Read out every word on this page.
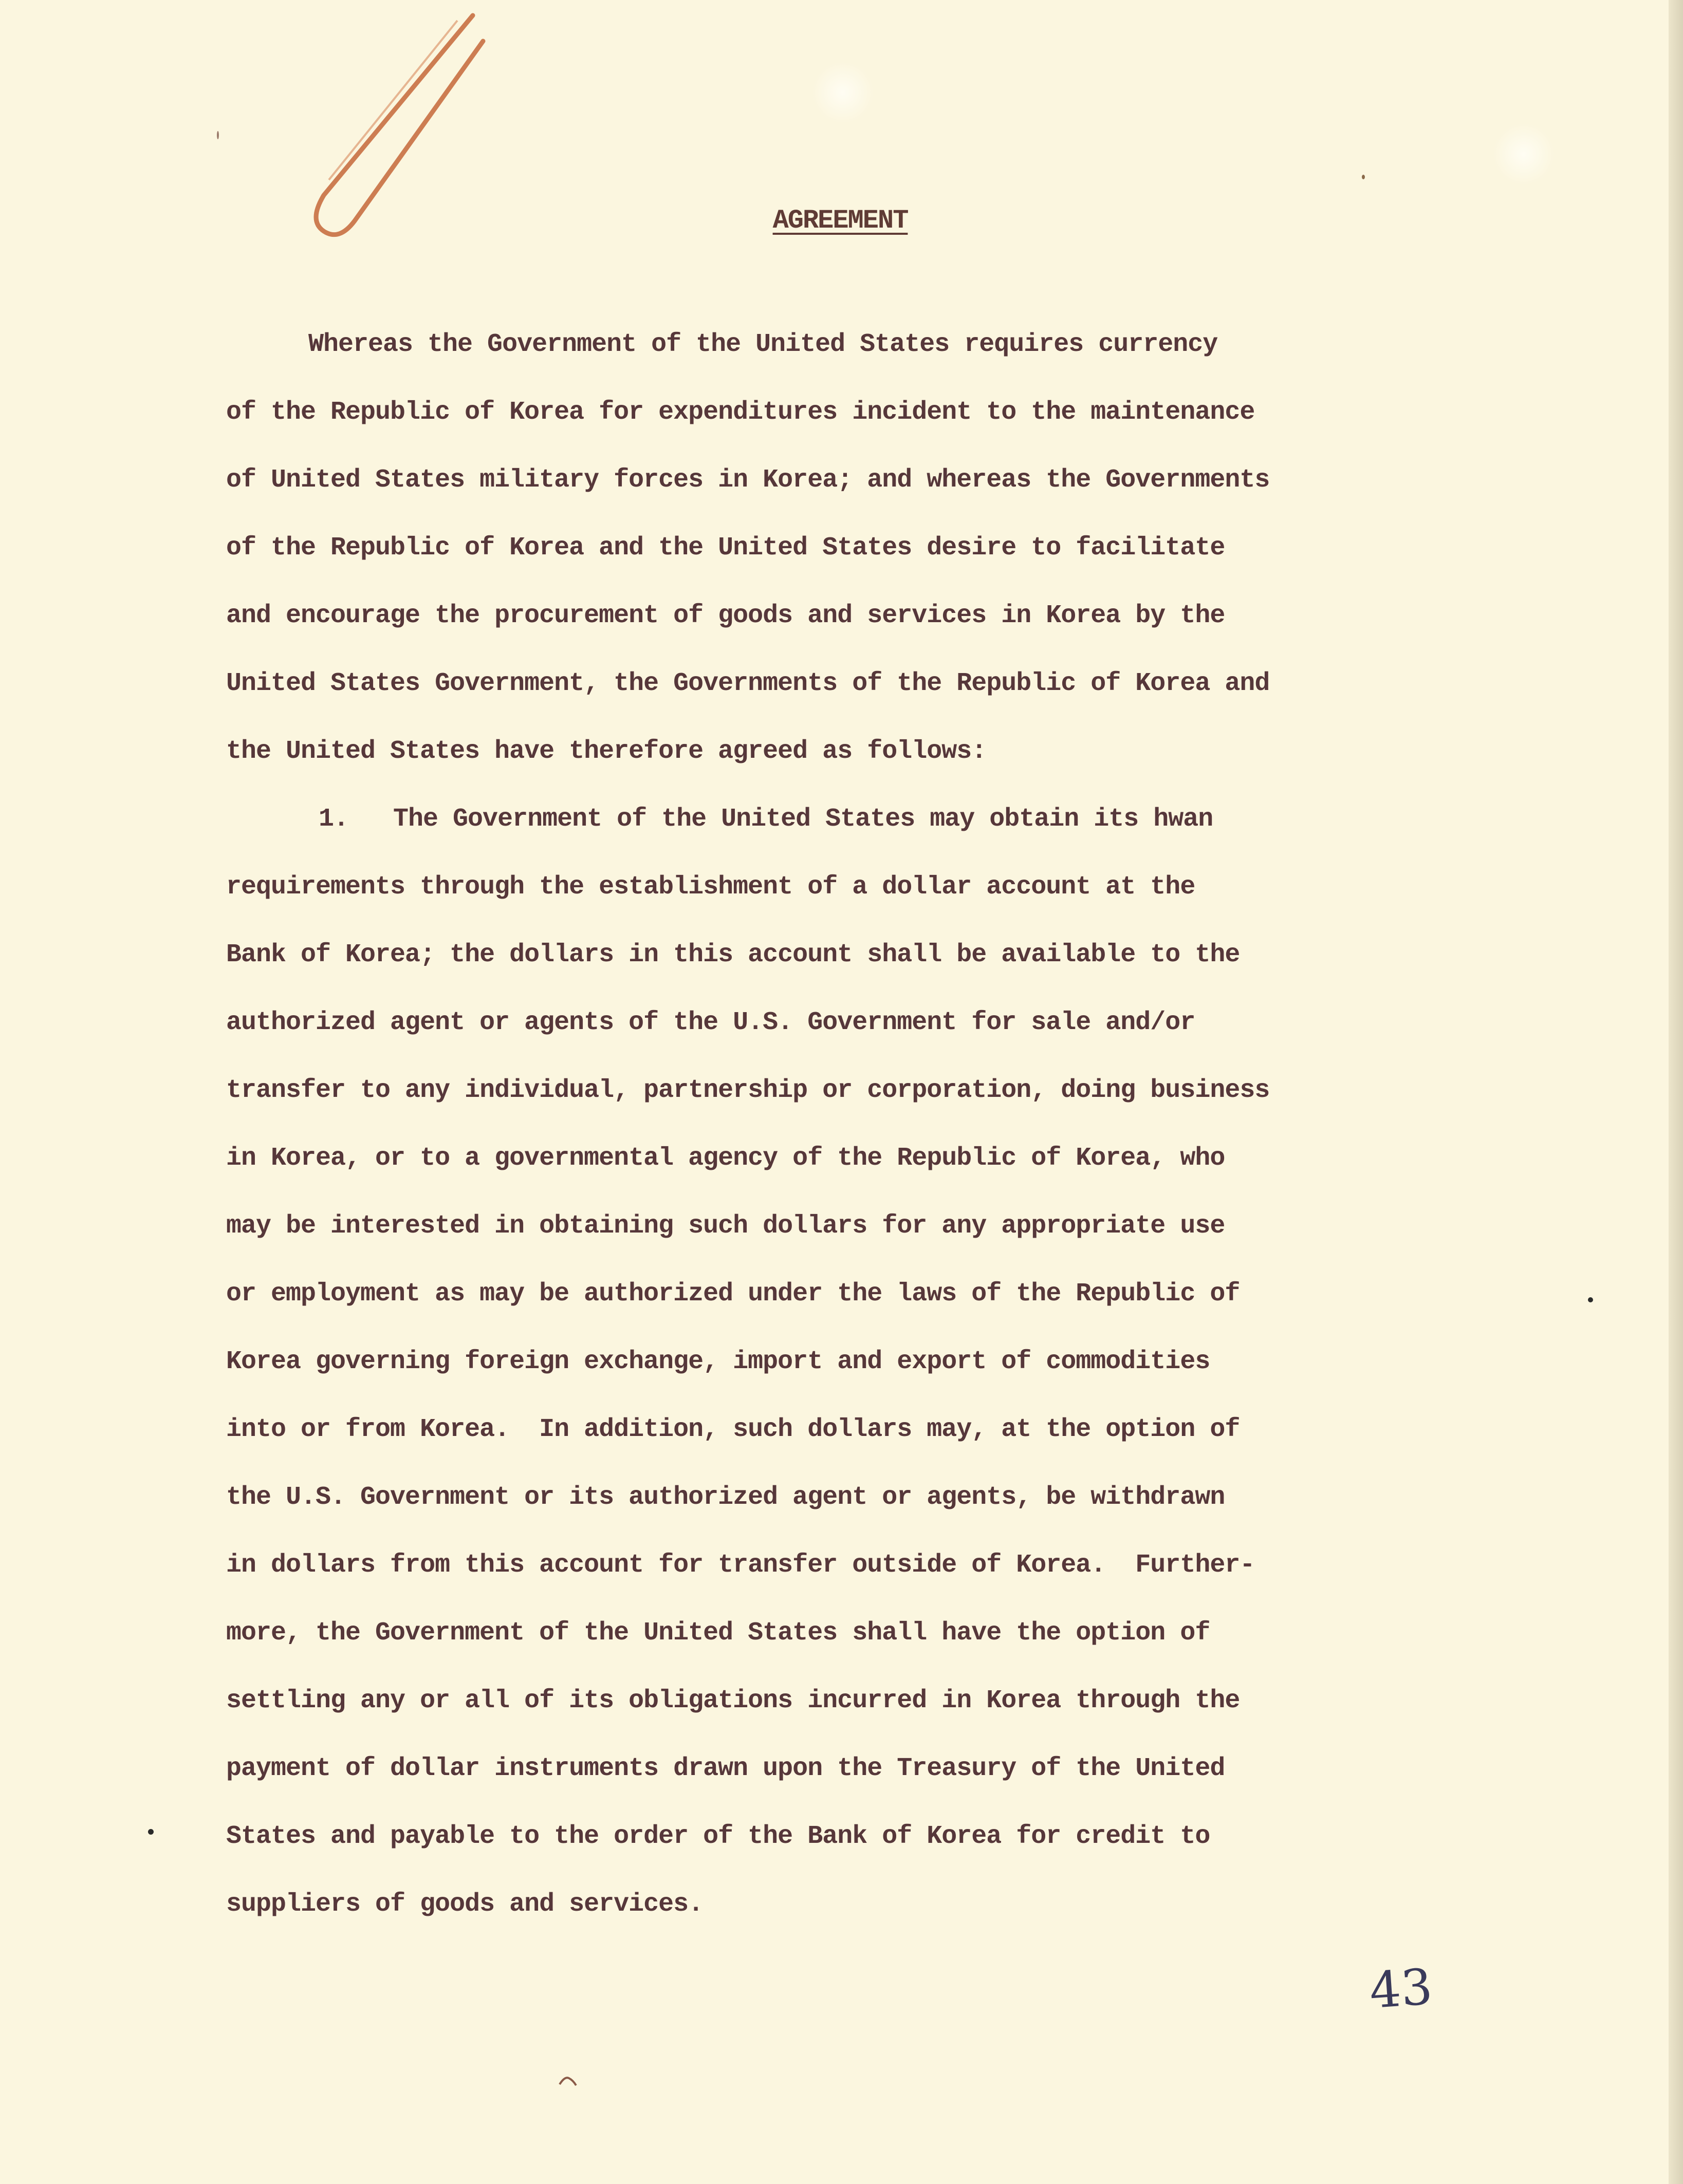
AGREEMENT
Whereas the Government of the United States requires currency
of the Republic of Korea for expenditures incident to the maintenance
of United States military forces in Korea; and whereas the Governments
of the Republic of Korea and the United States desire to facilitate
and encourage the procurement of goods and services in Korea by the
United States Government, the Governments of the Republic of Korea and
the United States have therefore agreed as follows:
1. The Government of the United States may obtain its hwan
requirements through the establishment of a dollar account at the
Bank of Korea; the dollars in this account shall be available to the
authorized agent or agents of the U.S. Government for sale and/or
transfer to any individual, partnership or corporation, doing business
in Korea, or to a governmental agency of the Republic of Korea, who
may be interested in obtaining such dollars for any appropriate use
or employment as may be authorized under the laws of the Republic of
Korea governing foreign exchange, import and export of commodities
into or from Korea.  In addition, such dollars may, at the option of
the U.S. Government or its authorized agent or agents, be withdrawn
in dollars from this account for transfer outside of Korea.  Further-
more, the Government of the United States shall have the option of
settling any or all of its obligations incurred in Korea through the
payment of dollar instruments drawn upon the Treasury of the United
States and payable to the order of the Bank of Korea for credit to
suppliers of goods and services.
43
